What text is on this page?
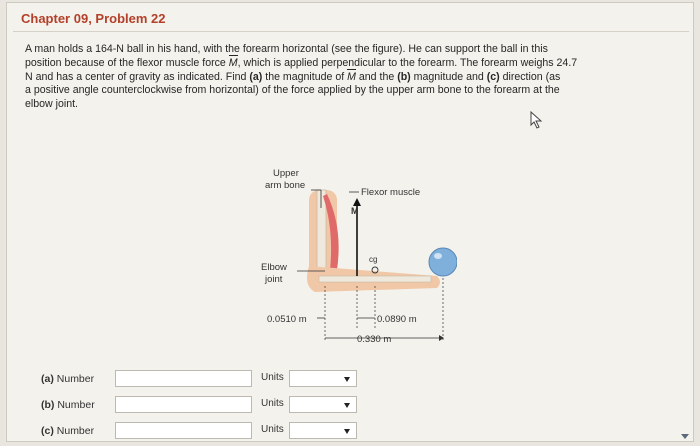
Chapter 09, Problem 22
A man holds a 164-N ball in his hand, with the forearm horizontal (see the figure). He can support the ball in this
position because of the flexor muscle force M, which is applied perpendicular to the forearm. The forearm weighs 24.7
N and has a center of gravity as indicated. Find (a) the magnitude of M and the (b) magnitude and (c) direction (as
a positive angle counterclockwise from horizontal) of the force applied by the upper arm bone to the forearm at the
elbow joint.
Upper
arm bone
Flexor muscle
M
Elbow
joint
cg
0.0510 m	0.0890 m
0.330 m
(a) Number	Units
(b) Number	Units
(c) Number	Units
